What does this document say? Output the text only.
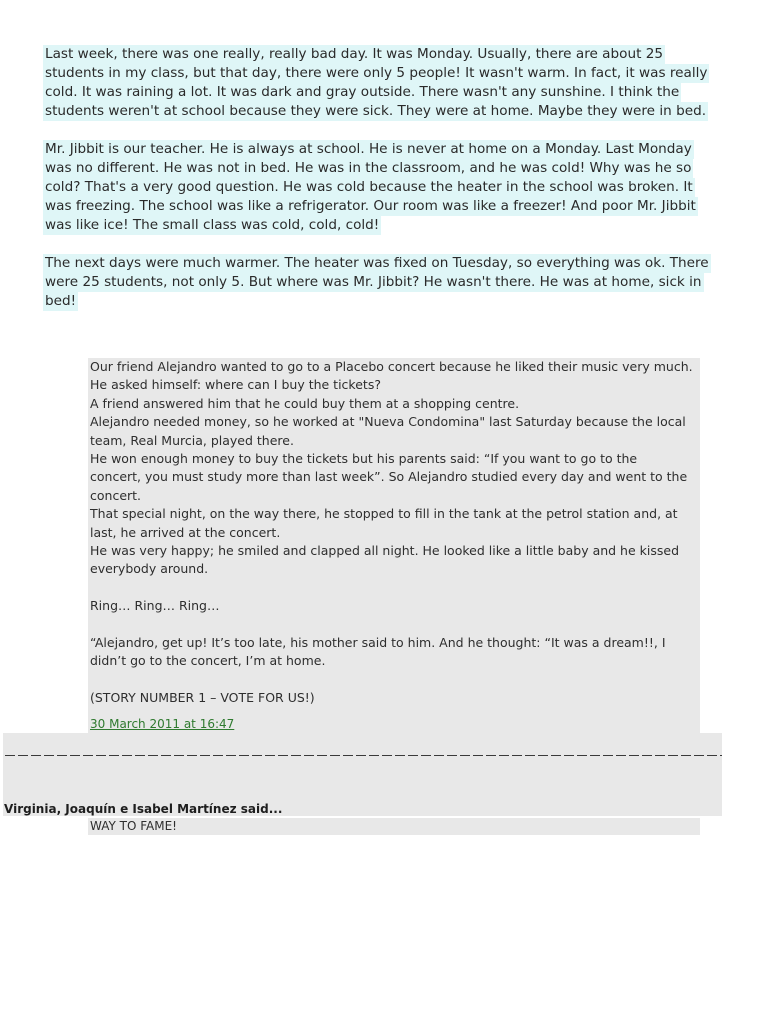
Last week, there was one really, really bad day. It was Monday. Usually, there are about 25
students in my class, but that day, there were only 5 people! It wasn't warm. In fact, it was really
cold. It was raining a lot. It was dark and gray outside. There wasn't any sunshine. I think the
students weren't at school because they were sick. They were at home. Maybe they were in bed.
Mr. Jibbit is our teacher. He is always at school. He is never at home on a Monday. Last Monday
was no different. He was not in bed. He was in the classroom, and he was cold! Why was he so
cold? That's a very good question. He was cold because the heater in the school was broken. It
was freezing. The school was like a refrigerator. Our room was like a freezer! And poor Mr. Jibbit
was like ice! The small class was cold, cold, cold!
The next days were much warmer. The heater was fixed on Tuesday, so everything was ok. There
were 25 students, not only 5. But where was Mr. Jibbit? He wasn't there. He was at home, sick in
bed!
Our friend Alejandro wanted to go to a Placebo concert because he liked their music very much.
He asked himself: where can I buy the tickets?
A friend answered him that he could buy them at a shopping centre.
Alejandro needed money, so he worked at "Nueva Condomina" last Saturday because the local
team, Real Murcia, played there.
He won enough money to buy the tickets but his parents said: “If you want to go to the
concert, you must study more than last week”. So Alejandro studied every day and went to the
concert.
That special night, on the way there, he stopped to fill in the tank at the petrol station and, at
last, he arrived at the concert.
He was very happy; he smiled and clapped all night. He looked like a little baby and he kissed
everybody around.
Ring… Ring… Ring…
“Alejandro, get up! It’s too late, his mother said to him. And he thought: “It was a dream!!, I
didn’t go to the concert, I’m at home.
(STORY NUMBER 1 – VOTE FOR US!)
30 March 2011 at 16:47
Virginia, Joaquín e Isabel Martínez said...
WAY TO FAME!
